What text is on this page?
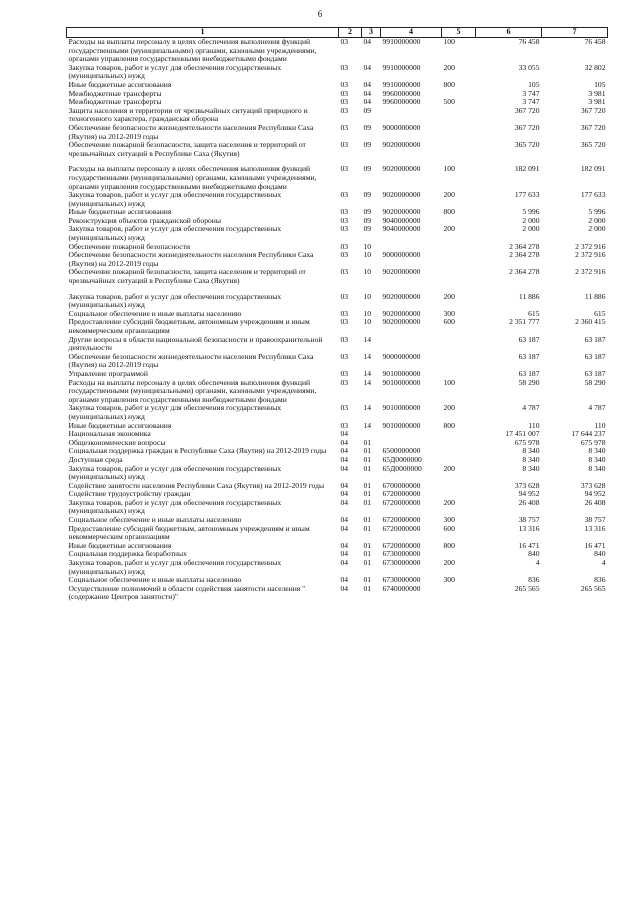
6
1	2	3	4	5	6	7
Расходы на выплаты персоналу в целях обеспечения выполнения функций государственными (муниципальными) органами, казенными учреждениями, органами управления государственными внебюджетными фондами	03	04	9910000000	100	76 458	76 458
Закупка товаров, работ и услуг для обеспечения государственных (муниципальных) нужд	03	04	9910000000	200	33 055	32 802
Иные бюджетные ассигнования	03	04	9910000000	800	105	105
Межбюджетные трансферты	03	04	9960000000		3 747	3 981
Межбюджетные трансферты	03	04	9960000000	500	3 747	3 981
Защита населения и территории от чрезвычайных ситуаций природного и техногенного характера, гражданская оборона	03	09			367 720	367 720
Обеспечение безопасности жизнедеятельности населения Республики Саха (Якутия) на 2012-2019 годы	03	09	9000000000		367 720	367 720
Обеспечение пожарной безопасности, защита населения и территорий от чрезвычайных ситуаций в Республике Саха (Якутия)	03	09	9020000000		365 720	365 720
Расходы на выплаты персоналу в целях обеспечения выполнения функций государственными (муниципальными) органами, казенными учреждениями, органами управления государственными внебюджетными фондами	03	09	9020000000	100	182 091	182 091
Закупка товаров, работ и услуг для обеспечения государственных (муниципальных) нужд	03	09	9020000000	200	177 633	177 633
Иные бюджетные ассигнования	03	09	9020000000	800	5 996	5 996
Реконструкция объектов гражданской обороны	03	09	9040000000		2 000	2 000
Закупка товаров, работ и услуг для обеспечения государственных (муниципальных) нужд	03	09	9040000000	200	2 000	2 000
Обеспечение пожарной безопасности	03	10			2 364 278	2 372 916
Обеспечение безопасности жизнедеятельности населения Республики Саха (Якутия) на 2012-2019 годы	03	10	9000000000		2 364 278	2 372 916
Обеспечение пожарной безопасности, защита населения и территорий от чрезвычайных ситуаций в Республике Саха (Якутия)	03	10	9020000000		2 364 278	2 372 916
Закупка товаров, работ и услуг для обеспечения государственных (муниципальных) нужд	03	10	9020000000	200	11 886	11 886
Социальное обеспечение и иные выплаты населению	03	10	9020000000	300	615	615
Предоставление субсидий бюджетным, автономным учреждениям и иным некоммерческим организациям	03	10	9020000000	600	2 351 777	2 360 415
Другие вопросы в области национальной безопасности и правоохранительной деятельности	03	14			63 187	63 187
Обеспечение безопасности жизнедеятельности населения Республики Саха (Якутия) на 2012-2019 годы	03	14	9000000000		63 187	63 187
Управление программой	03	14	9010000000		63 187	63 187
Расходы на выплаты персоналу в целях обеспечения выполнения функций государственными (муниципальными) органами, казенными учреждениями, органами управления государственными внебюджетными фондами	03	14	9010000000	100	58 290	58 290
Закупка товаров, работ и услуг для обеспечения государственных (муниципальных) нужд	03	14	9010000000	200	4 787	4 787
Иные бюджетные ассигнования	03	14	9010000000	800	110	110
Национальная экономика	04				17 451 007	17 644 237
Общеэкономические вопросы	04	01			675 978	675 978
Социальная поддержка граждан в Республике Саха (Якутия) на 2012-2019 годы	04	01	6500000000		8 340	8 340
Доступная среда	04	01	65Д0000000		8 340	8 340
Закупка товаров, работ и услуг для обеспечения государственных (муниципальных) нужд	04	01	65Д0000000	200	8 340	8 340
Содействие занятости населения Республики Саха (Якутия) на 2012-2019 годы	04	01	6700000000		373 628	373 628
Содействие трудоустройству граждан	04	01	6720000000		94 952	94 952
Закупка товаров, работ и услуг для обеспечения государственных (муниципальных) нужд	04	01	6720000000	200	26 408	26 408
Социальное обеспечение и иные выплаты населению	04	01	6720000000	300	38 757	38 757
Предоставление субсидий бюджетным, автономным учреждениям и иным некоммерческим организациям	04	01	6720000000	600	13 316	13 316
Иные бюджетные ассигнования	04	01	6720000000	800	16 471	16 471
Социальная поддержка безработных	04	01	6730000000		840	840
Закупка товаров, работ и услуг для обеспечения государственных (муниципальных) нужд	04	01	6730000000	200	4	4
Социальное обеспечение и иные выплаты населению	04	01	6730000000	300	836	836
Осуществление полномочий в области содействия занятости населения "(содержание Центров занятости)"	04	01	6740000000		265 565	265 565
